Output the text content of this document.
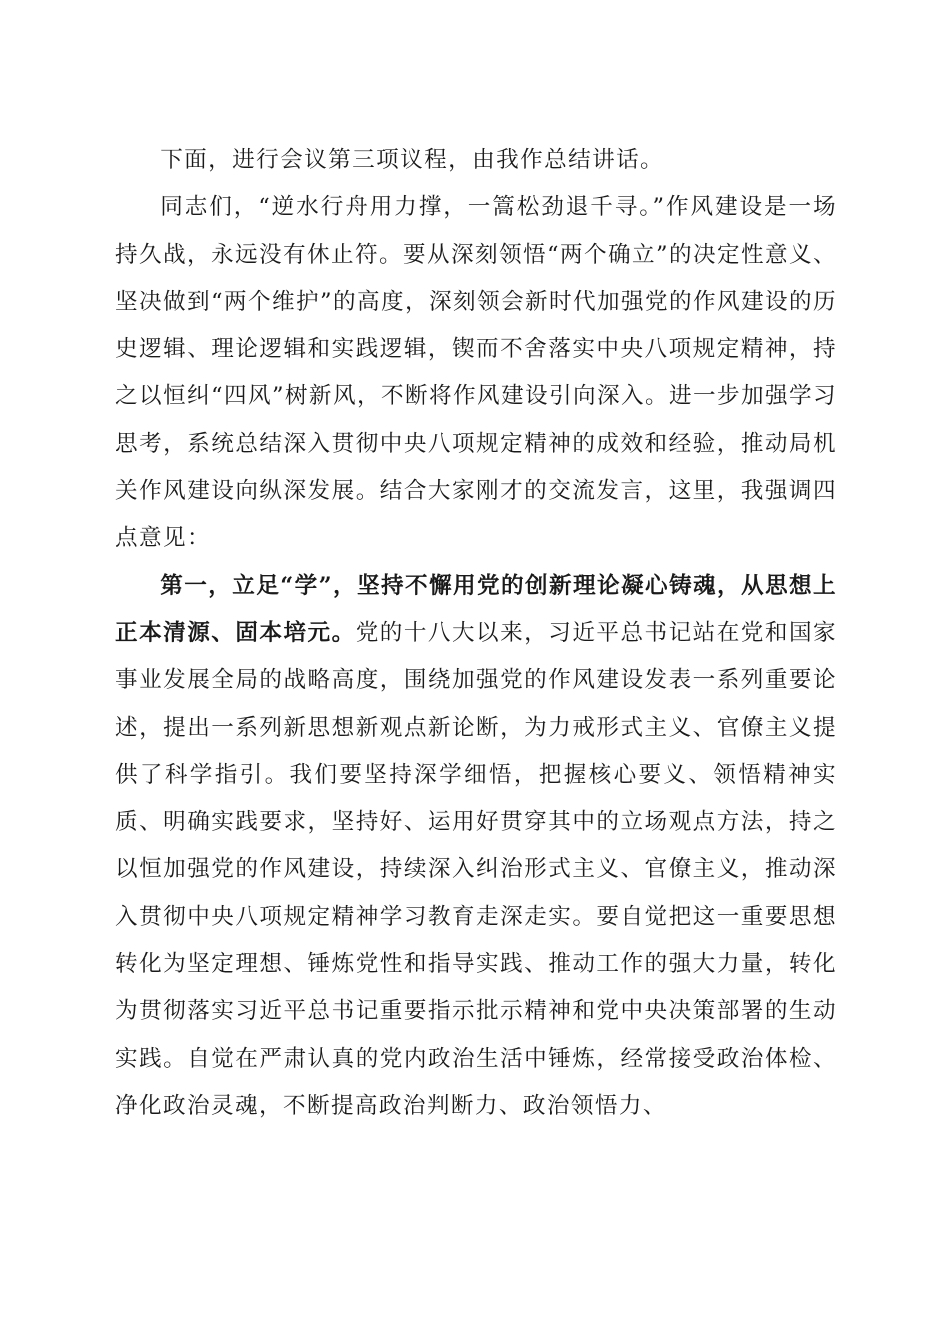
下面，进行会议第三项议程，由我作总结讲话。

同志们，“逆水行舟用力撑，一篙松劲退千寻。”作风建设是一场持久战，永远没有休止符。要从深刻领悟“两个确立”的决定性意义、坚决做到“两个维护”的高度，深刻领会新时代加强党的作风建设的历史逻辑、理论逻辑和实践逻辑，锲而不舍落实中央八项规定精神，持之以恒纠“四风”树新风，不断将作风建设引向深入。进一步加强学习思考，系统总结深入贯彻中央八项规定精神的成效和经验，推动局机关作风建设向纵深发展。结合大家刚才的交流发言，这里，我强调四点意见：

第一，立足“学”，坚持不懈用党的创新理论凝心铸魂，从思想上正本清源、固本培元。党的十八大以来，习近平总书记站在党和国家事业发展全局的战略高度，围绕加强党的作风建设发表一系列重要论述，提出一系列新思想新观点新论断，为力戒形式主义、官僚主义提供了科学指引。我们要坚持深学细悟，把握核心要义、领悟精神实质、明确实践要求，坚持好、运用好贯穿其中的立场观点方法，持之以恒加强党的作风建设，持续深入纠治形式主义、官僚主义，推动深入贯彻中央八项规定精神学习教育走深走实。要自觉把这一重要思想转化为坚定理想、锤炼党性和指导实践、推动工作的强大力量，转化为贯彻落实习近平总书记重要指示批示精神和党中央决策部署的生动实践。自觉在严肃认真的党内政治生活中锤炼，经常接受政治体检、净化政治灵魂，不断提高政治判断力、政治领悟力、
